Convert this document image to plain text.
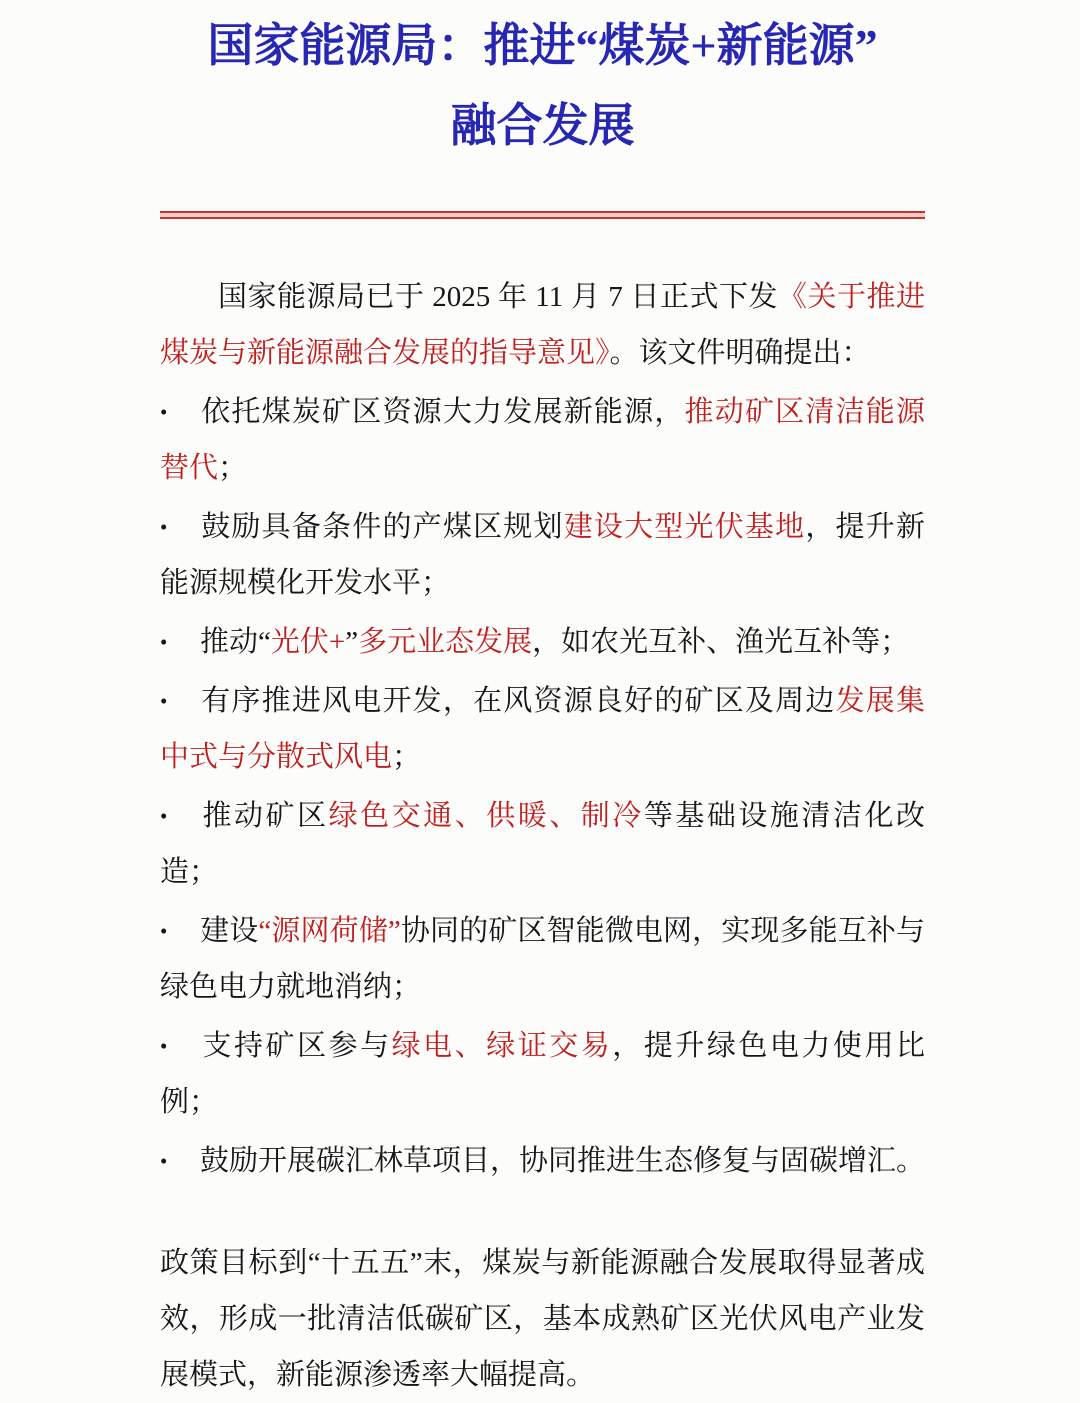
国家能源局：推进“煤炭+新能源”
融合发展

国家能源局已于 2025 年 11 月 7 日正式下发《关于推进煤炭与新能源融合发展的指导意见》。该文件明确提出：

• 依托煤炭矿区资源大力发展新能源，推动矿区清洁能源替代；

• 鼓励具备条件的产煤区规划建设大型光伏基地，提升新能源规模化开发水平；

• 推动“光伏+”多元业态发展，如农光互补、渔光互补等；

• 有序推进风电开发，在风资源良好的矿区及周边发展集中式与分散式风电；

• 推动矿区绿色交通、供暖、制冷等基础设施清洁化改造；

• 建设“源网荷储”协同的矿区智能微电网，实现多能互补与绿色电力就地消纳；

• 支持矿区参与绿电、绿证交易，提升绿色电力使用比例；

• 鼓励开展碳汇林草项目，协同推进生态修复与固碳增汇。

政策目标到“十五五”末，煤炭与新能源融合发展取得显著成效，形成一批清洁低碳矿区，基本成熟矿区光伏风电产业发展模式，新能源渗透率大幅提高。
